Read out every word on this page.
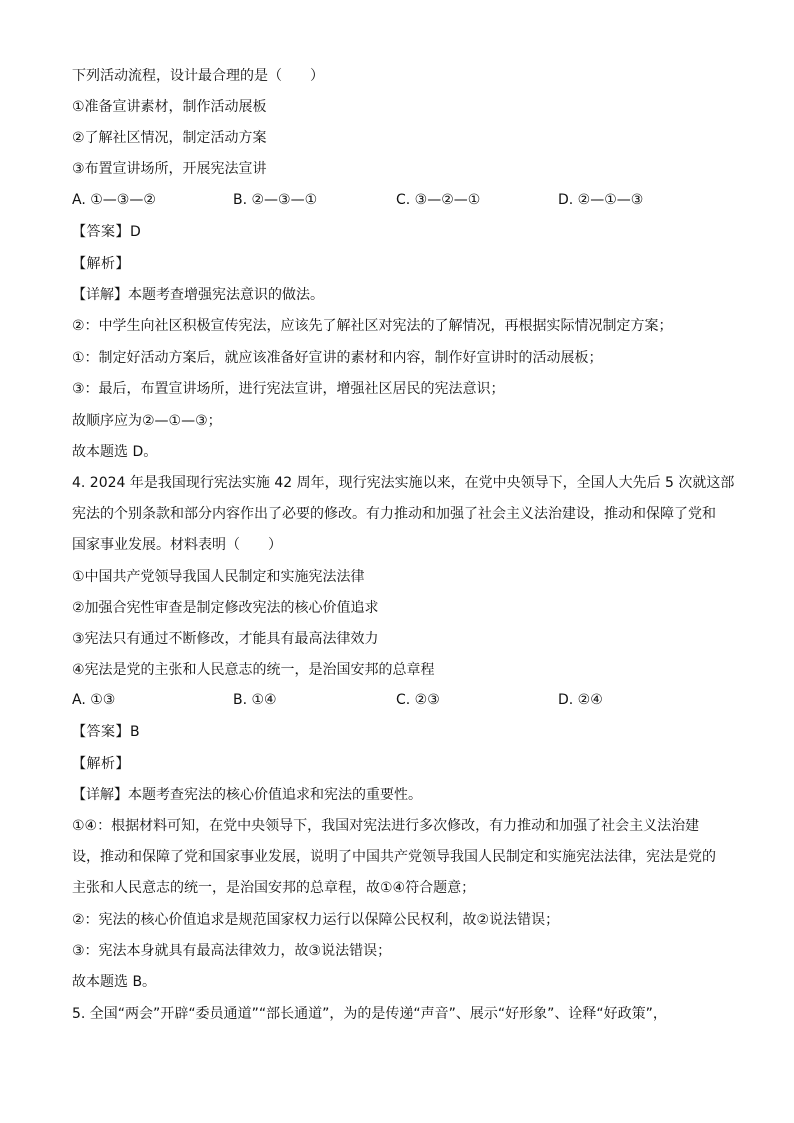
下列活动流程，设计最合理的是（　　）
①准备宣讲素材，制作活动展板
②了解社区情况，制定活动方案
③布置宣讲场所，开展宪法宣讲
A. ①—③—②	B. ②—③—①	C. ③—②—①	D. ②—①—③
【答案】D
【解析】
【详解】本题考查增强宪法意识的做法。
②：中学生向社区积极宣传宪法，应该先了解社区对宪法的了解情况，再根据实际情况制定方案；
①：制定好活动方案后，就应该准备好宣讲的素材和内容，制作好宣讲时的活动展板；
③：最后，布置宣讲场所，进行宪法宣讲，增强社区居民的宪法意识；
故顺序应为②—①—③；
故本题选 D。
4. 2024 年是我国现行宪法实施 42 周年，现行宪法实施以来，在党中央领导下，全国人大先后 5 次就这部
宪法的个别条款和部分内容作出了必要的修改。有力推动和加强了社会主义法治建设，推动和保障了党和
国家事业发展。材料表明（　　）
①中国共产党领导我国人民制定和实施宪法法律
②加强合宪性审查是制定修改宪法的核心价值追求
③宪法只有通过不断修改，才能具有最高法律效力
④宪法是党的主张和人民意志的统一，是治国安邦的总章程
A. ①③	B. ①④	C. ②③	D. ②④
【答案】B
【解析】
【详解】本题考查宪法的核心价值追求和宪法的重要性。
①④：根据材料可知，在党中央领导下，我国对宪法进行多次修改，有力推动和加强了社会主义法治建
设，推动和保障了党和国家事业发展，说明了中国共产党领导我国人民制定和实施宪法法律，宪法是党的
主张和人民意志的统一，是治国安邦的总章程，故①④符合题意；
②：宪法的核心价值追求是规范国家权力运行以保障公民权利，故②说法错误；
③：宪法本身就具有最高法律效力，故③说法错误；
故本题选 B。
5. 全国“两会”开辟“委员通道”“部长通道”，为的是传递“声音”、展示“好形象”、诠释“好政策”，
